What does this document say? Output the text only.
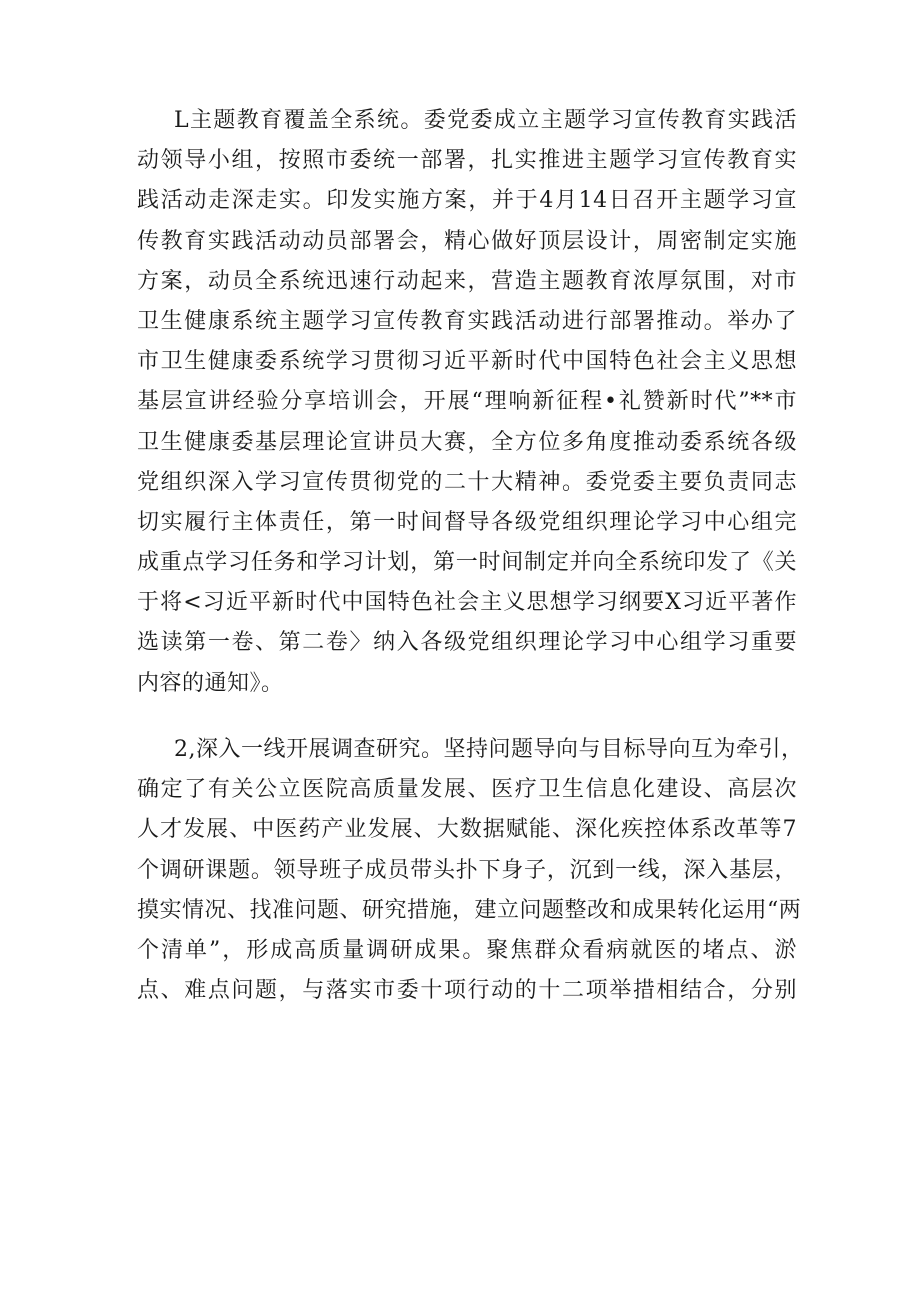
L主题教育覆盖全系统。委党委成立主题学习宣传教育实践活
动领导小组，按照市委统一部署，扎实推进主题学习宣传教育实
践活动走深走实。印发实施方案，并于4月14日召开主题学习宣
传教育实践活动动员部署会，精心做好顶层设计，周密制定实施
方案，动员全系统迅速行动起来，营造主题教育浓厚氛围，对市
卫生健康系统主题学习宣传教育实践活动进行部署推动。举办了
市卫生健康委系统学习贯彻习近平新时代中国特色社会主义思想
基层宣讲经验分享培训会，开展“理响新征程•礼赞新时代”**市
卫生健康委基层理论宣讲员大赛，全方位多角度推动委系统各级
党组织深入学习宣传贯彻党的二十大精神。委党委主要负责同志
切实履行主体责任，第一时间督导各级党组织理论学习中心组完
成重点学习任务和学习计划，第一时间制定并向全系统印发了《关
于将<习近平新时代中国特色社会主义思想学习纲要X习近平著作
选读第一卷、第二卷〉纳入各级党组织理论学习中心组学习重要
内容的通知》。
2,深入一线开展调查研究。坚持问题导向与目标导向互为牵引，
确定了有关公立医院高质量发展、医疗卫生信息化建设、高层次
人才发展、中医药产业发展、大数据赋能、深化疾控体系改革等7
个调研课题。领导班子成员带头扑下身子，沉到一线，深入基层，
摸实情况、找准问题、研究措施，建立问题整改和成果转化运用“两
个清单”，形成高质量调研成果。聚焦群众看病就医的堵点、淤
点、难点问题，与落实市委十项行动的十二项举措相结合，分别
